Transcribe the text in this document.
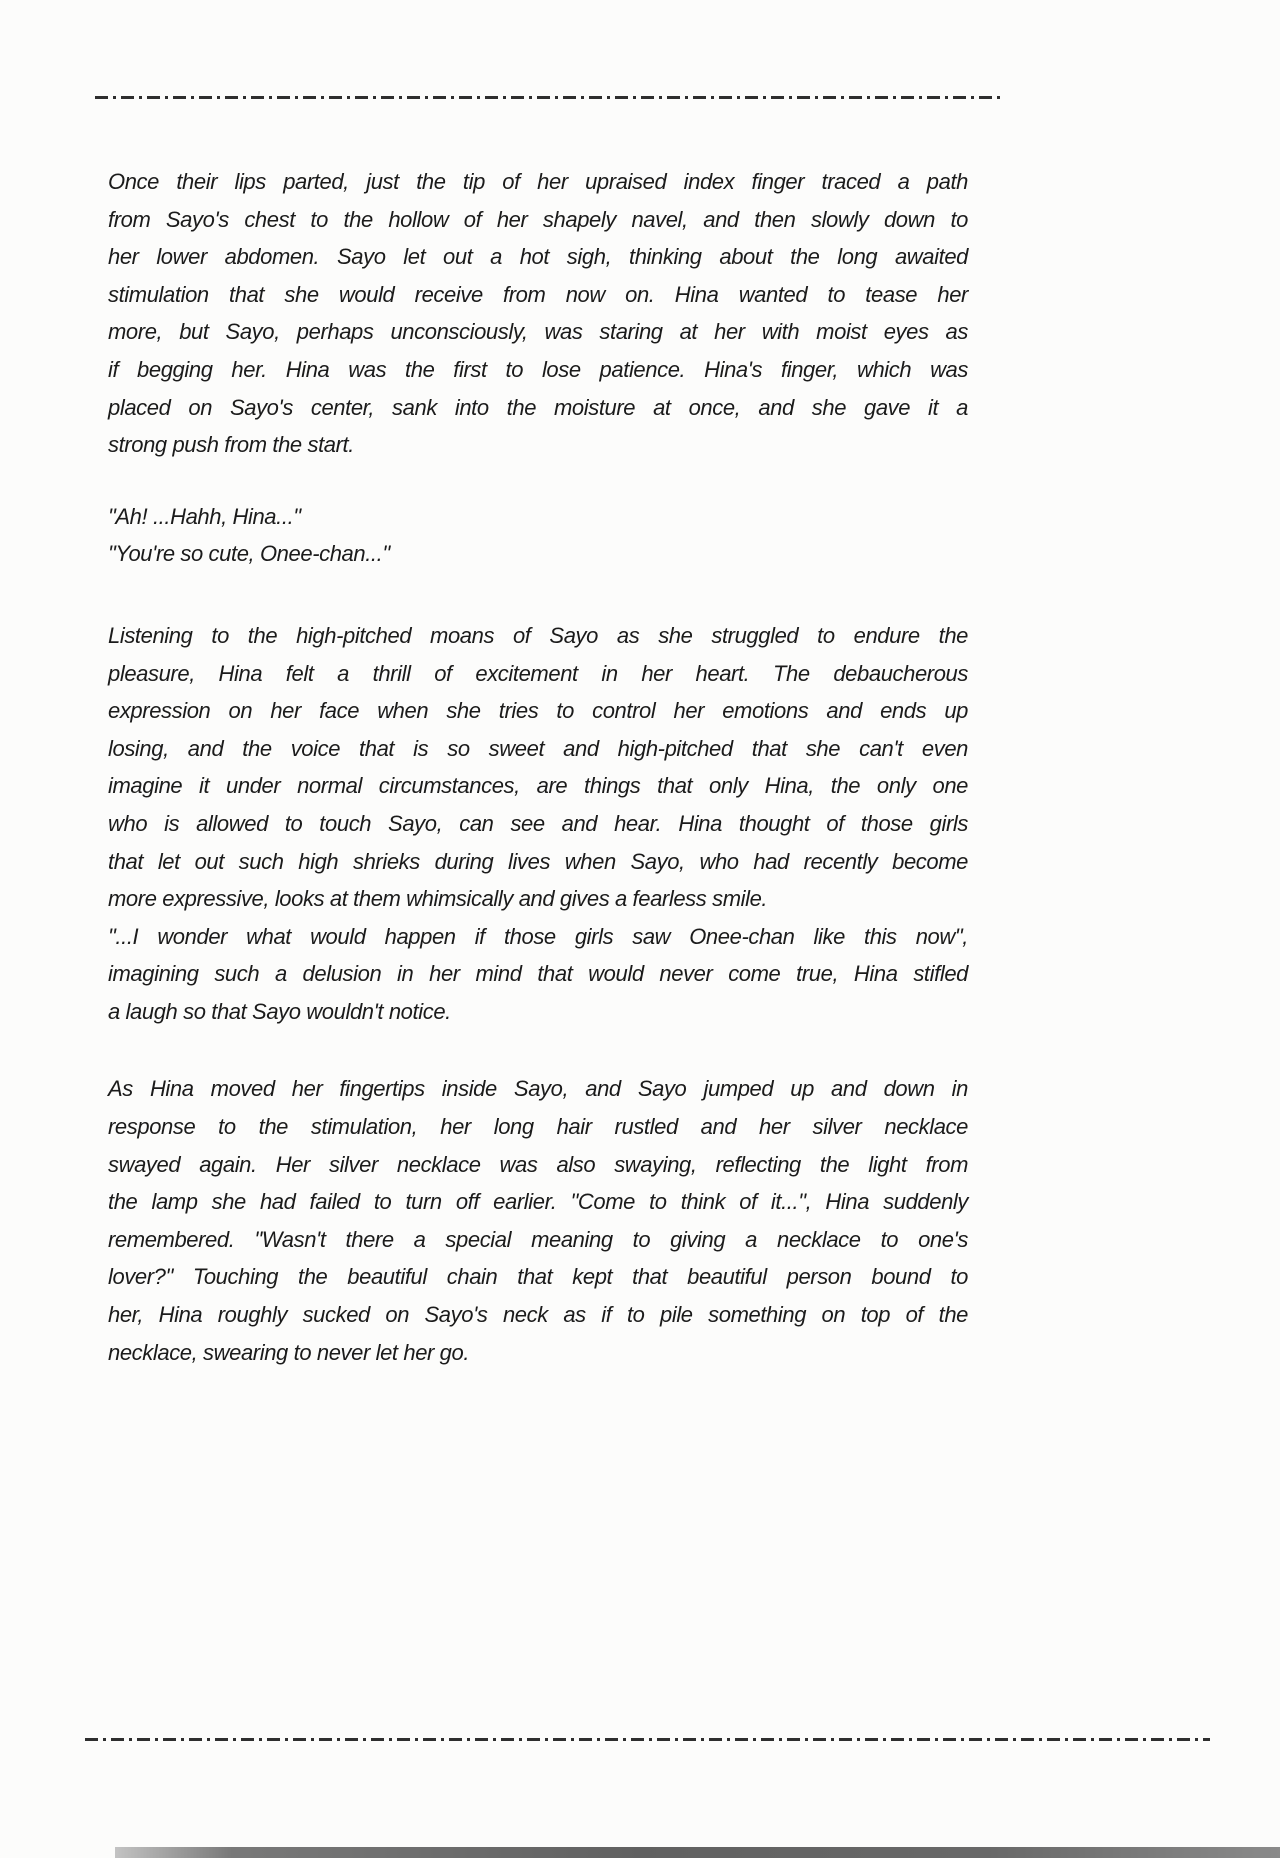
Once their lips parted, just the tip of her upraised index finger traced a path
from Sayo's chest to the hollow of her shapely navel, and then slowly down to
her lower abdomen. Sayo let out a hot sigh, thinking about the long awaited
stimulation that she would receive from now on. Hina wanted to tease her
more, but Sayo, perhaps unconsciously, was staring at her with moist eyes as
if begging her. Hina was the first to lose patience. Hina's finger, which was
placed on Sayo's center, sank into the moisture at once, and she gave it a
strong push from the start.
"Ah! ...Hahh, Hina..."
"You're so cute, Onee-chan..."
Listening to the high-pitched moans of Sayo as she struggled to endure the
pleasure, Hina felt a thrill of excitement in her heart. The debaucherous
expression on her face when she tries to control her emotions and ends up
losing, and the voice that is so sweet and high-pitched that she can't even
imagine it under normal circumstances, are things that only Hina, the only one
who is allowed to touch Sayo, can see and hear. Hina thought of those girls
that let out such high shrieks during lives when Sayo, who had recently become
more expressive, looks at them whimsically and gives a fearless smile.
"...I wonder what would happen if those girls saw Onee-chan like this now",
imagining such a delusion in her mind that would never come true, Hina stifled
a laugh so that Sayo wouldn't notice.
As Hina moved her fingertips inside Sayo, and Sayo jumped up and down in
response to the stimulation, her long hair rustled and her silver necklace
swayed again. Her silver necklace was also swaying, reflecting the light from
the lamp she had failed to turn off earlier. "Come to think of it...", Hina suddenly
remembered. "Wasn't there a special meaning to giving a necklace to one's
lover?" Touching the beautiful chain that kept that beautiful person bound to
her, Hina roughly sucked on Sayo's neck as if to pile something on top of the
necklace, swearing to never let her go.
